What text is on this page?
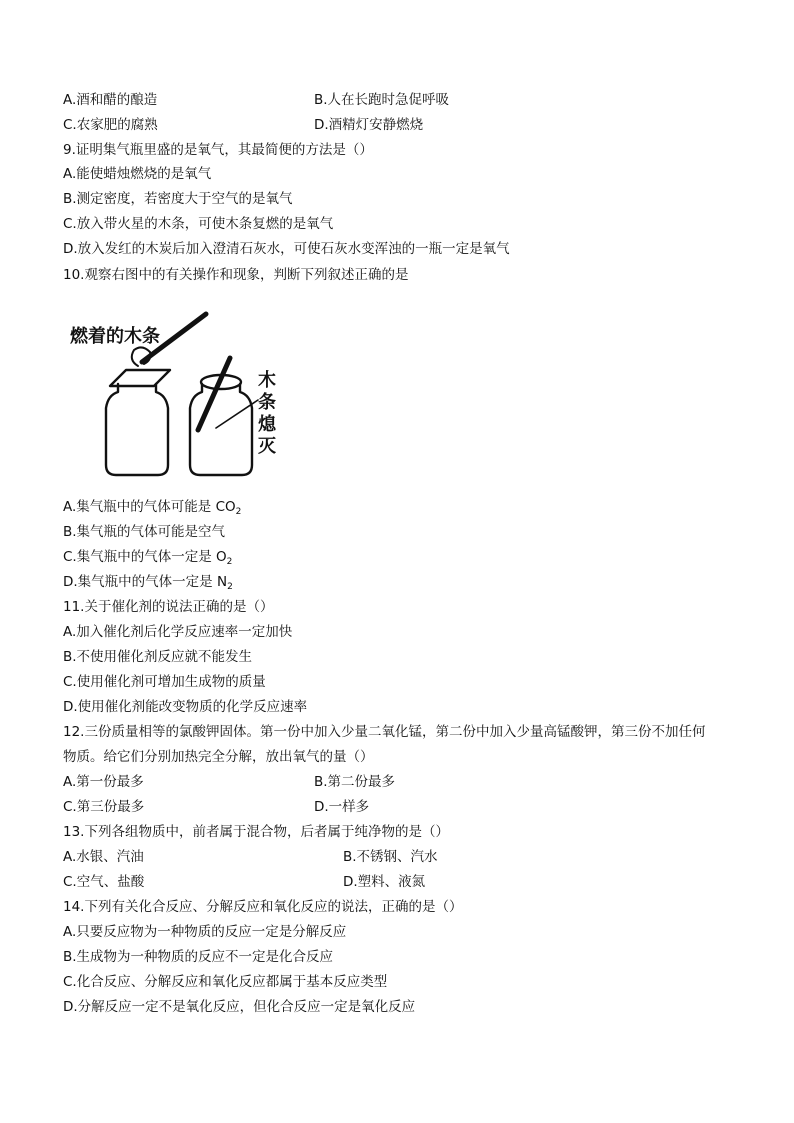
A.酒和醋的酿造	B.人在长跑时急促呼吸
C.农家肥的腐熟	D.酒精灯安静燃烧
9.证明集气瓶里盛的是氧气，其最简便的方法是（）
A.能使蜡烛燃烧的是氧气
B.测定密度，若密度大于空气的是氧气
C.放入带火星的木条，可使木条复燃的是氧气
D.放入发红的木炭后加入澄清石灰水，可使石灰水变浑浊的一瓶一定是氧气
10.观察右图中的有关操作和现象，判断下列叙述正确的是
燃着的木条
木
条
熄
灭
A.集气瓶中的气体可能是 $CO_2$
B.集气瓶的气体可能是空气
C.集气瓶中的气体一定是 $O_2$
D.集气瓶中的气体一定是 $N_2$
11.关于催化剂的说法正确的是（）
A.加入催化剂后化学反应速率一定加快
B.不使用催化剂反应就不能发生
C.使用催化剂可增加生成物的质量
D.使用催化剂能改变物质的化学反应速率
12.三份质量相等的氯酸钾固体。第一份中加入少量二氧化锰，第二份中加入少量高锰酸钾，第三份不加任何
物质。给它们分别加热完全分解，放出氧气的量（）
A.第一份最多	B.第二份最多
C.第三份最多	D.一样多
13.下列各组物质中，前者属于混合物，后者属于纯净物的是（）
A.水银、汽油	B.不锈钢、汽水
C.空气、盐酸	D.塑料、液氮
14.下列有关化合反应、分解反应和氧化反应的说法，正确的是（）
A.只要反应物为一种物质的反应一定是分解反应
B.生成物为一种物质的反应不一定是化合反应
C.化合反应、分解反应和氧化反应都属于基本反应类型
D.分解反应一定不是氧化反应，但化合反应一定是氧化反应
